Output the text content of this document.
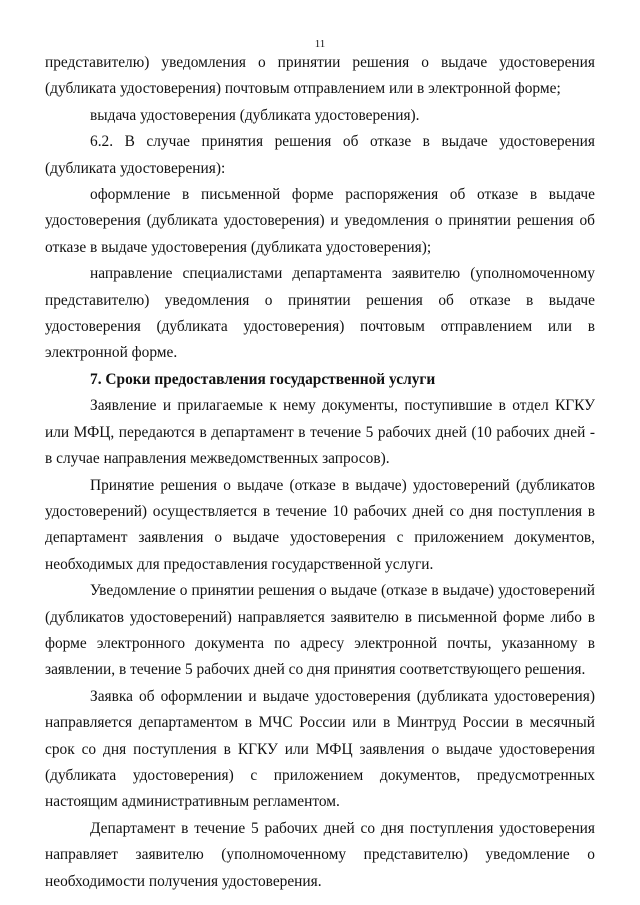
11

представителю) уведомления о принятии решения о выдаче удостоверения (дубликата удостоверения) почтовым отправлением или в электронной форме;

выдача удостоверения (дубликата удостоверения).

6.2. В случае принятия решения об отказе в выдаче удостоверения (дубликата удостоверения):

оформление в письменной форме распоряжения об отказе в выдаче удостоверения (дубликата удостоверения) и уведомления о принятии решения об отказе в выдаче удостоверения (дубликата удостоверения);

направление специалистами департамента заявителю (уполномоченному представителю) уведомления о принятии решения об отказе в выдаче удостоверения (дубликата удостоверения) почтовым отправлением или в электронной форме.

7. Сроки предоставления государственной услуги

Заявление и прилагаемые к нему документы, поступившие в отдел КГКУ или МФЦ, передаются в департамент в течение 5 рабочих дней (10 рабочих дней - в случае направления межведомственных запросов).

Принятие решения о выдаче (отказе в выдаче) удостоверений (дубликатов удостоверений) осуществляется в течение 10 рабочих дней со дня поступления в департамент заявления о выдаче удостоверения с приложением документов, необходимых для предоставления государственной услуги.

Уведомление о принятии решения о выдаче (отказе в выдаче) удостоверений (дубликатов удостоверений) направляется заявителю в письменной форме либо в форме электронного документа по адресу электронной почты, указанному в заявлении, в течение 5 рабочих дней со дня принятия соответствующего решения.

Заявка об оформлении и выдаче удостоверения (дубликата удостоверения) направляется департаментом в МЧС России или в Минтруд России в месячный срок со дня поступления в КГКУ или МФЦ заявления о выдаче удостоверения (дубликата удостоверения) с приложением документов, предусмотренных настоящим административным регламентом.

Департамент в течение 5 рабочих дней со дня поступления удостоверения направляет заявителю (уполномоченному представителю) уведомление о необходимости получения удостоверения.
